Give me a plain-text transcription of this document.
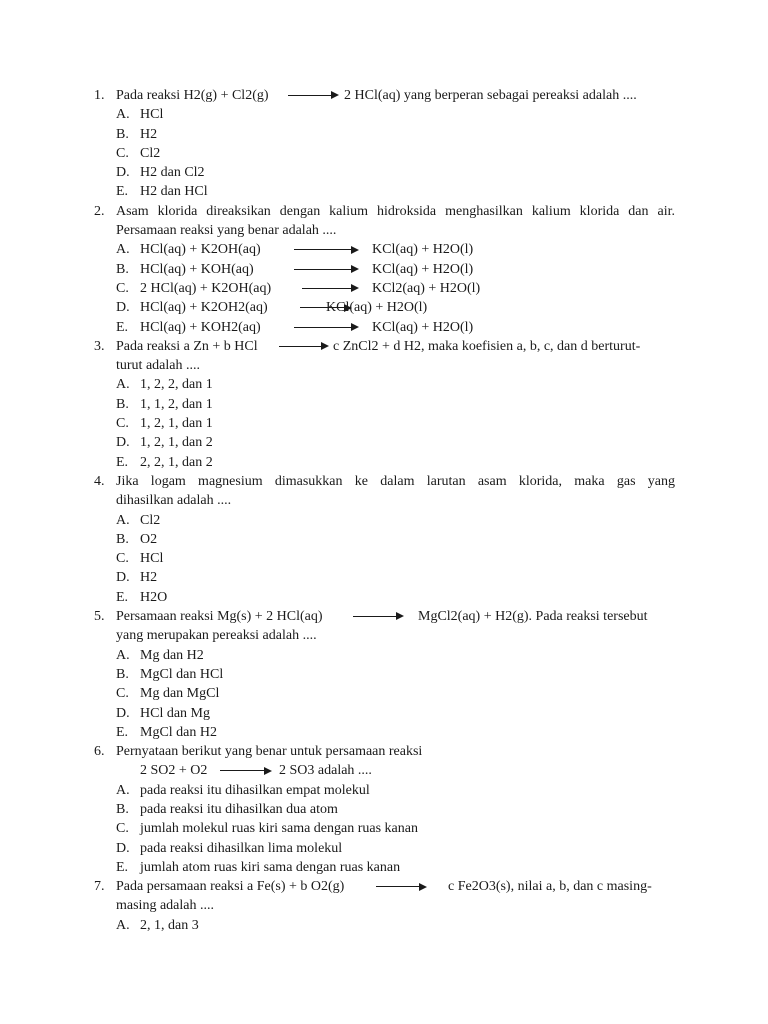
1. Pada reaksi H2(g) + Cl2(g) → 2 HCl(aq) yang berperan sebagai pereaksi adalah ....
A. HCl
B. H2
C. Cl2
D. H2 dan Cl2
E. H2 dan HCl
2. Asam klorida direaksikan dengan kalium hidroksida menghasilkan kalium klorida dan air.
Persamaan reaksi yang benar adalah ....
A. HCl(aq) + K2OH(aq)	KCl(aq) + H2O(l)
B. HCl(aq) + KOH(aq)	KCl(aq) + H2O(l)
C. 2 HCl(aq) + K2OH(aq) → KCl2(aq) + H2O(l)
D. HCl(aq) + K2OH2(aq)	KCl(aq) + H2O(l)
E. HCl(aq) + KOH2(aq)	KCl(aq) + H2O(l)
3. Pada reaksi a Zn + b HCl → c ZnCl2 + d H2, maka koefisien a, b, c, dan d berturut-
turut adalah ....
A. 1, 2, 2, dan 1
B. 1, 1, 2, dan 1
C. 1, 2, 1, dan 1
D. 1, 2, 1, dan 2
E. 2, 2, 1, dan 2
4. Jika logam magnesium dimasukkan ke dalam larutan asam klorida, maka gas yang
dihasilkan adalah ....
A. Cl2
B. O2
C. HCl
D. H2
E. H2O
5. Persamaan reaksi Mg(s) + 2 HCl(aq) → MgCl2(aq) + H2(g). Pada reaksi tersebut
yang merupakan pereaksi adalah ....
A. Mg dan H2
B. MgCl dan HCl
C. Mg dan MgCl
D. HCl dan Mg
E. MgCl dan H2
6. Pernyataan berikut yang benar untuk persamaan reaksi
2 SO2 + O2 → 2 SO3 adalah ....
A. pada reaksi itu dihasilkan empat molekul
B. pada reaksi itu dihasilkan dua atom
C. jumlah molekul ruas kiri sama dengan ruas kanan
D. pada reaksi dihasilkan lima molekul
E. jumlah atom ruas kiri sama dengan ruas kanan
7. Pada persamaan reaksi a Fe(s) + b O2(g)	c Fe2O3(s), nilai a, b, dan c masing-
masing adalah ....
A. 2, 1, dan 3
